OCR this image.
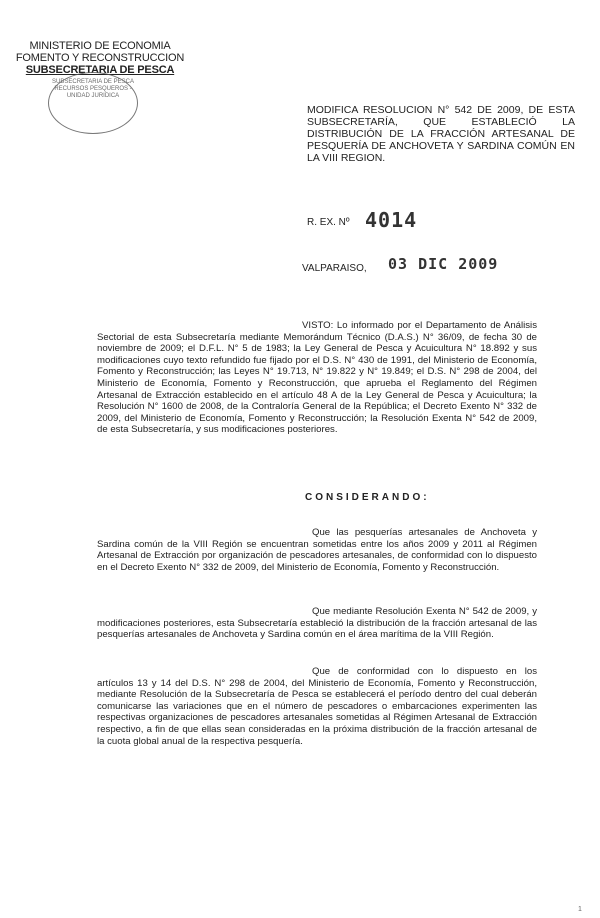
MINISTERIO DE ECONOMIA
FOMENTO Y RECONSTRUCCION
SUBSECRETARIA DE PESCA
SUBSECRETARIA DE PESCA RECURSOS PESQUEROS - UNIDAD JURIDICA
MODIFICA RESOLUCION N° 542 DE 2009, DE ESTA SUBSECRETARÍA, QUE ESTABLECIÓ LA DISTRIBUCIÓN DE LA FRACCIÓN ARTESANAL DE PESQUERÍA DE ANCHOVETA Y SARDINA COMÚN EN LA VIII REGION.
R. EX. Nº 4014
VALPARAISO, 03 DIC 2009
VISTO: Lo informado por el Departamento de Análisis Sectorial de esta Subsecretaría mediante Memorándum Técnico (D.A.S.) N° 36/09, de fecha 30 de noviembre de 2009; el D.F.L. N° 5 de 1983; la Ley General de Pesca y Acuicultura N° 18.892 y sus modificaciones cuyo texto refundido fue fijado por el D.S. N° 430 de 1991, del Ministerio de Economía, Fomento y Reconstrucción; las Leyes N° 19.713, N° 19.822 y N° 19.849; el D.S. N° 298 de 2004, del Ministerio de Economía, Fomento y Reconstrucción, que aprueba el Reglamento del Régimen Artesanal de Extracción establecido en el artículo 48 A de la Ley General de Pesca y Acuicultura; la Resolución N° 1600 de 2008, de la Contraloría General de la República; el Decreto Exento N° 332 de 2009, del Ministerio de Economía, Fomento y Reconstrucción; la Resolución Exenta N° 542 de 2009, de esta Subsecretaría, y sus modificaciones posteriores.
CONSIDERANDO:
Que las pesquerías artesanales de Anchoveta y Sardina común de la VIII Región se encuentran sometidas entre los años 2009 y 2011 al Régimen Artesanal de Extracción por organización de pescadores artesanales, de conformidad con lo dispuesto en el Decreto Exento N° 332 de 2009, del Ministerio de Economía, Fomento y Reconstrucción.
Que mediante Resolución Exenta N° 542 de 2009, y modificaciones posteriores, esta Subsecretaría estableció la distribución de la fracción artesanal de las pesquerías artesanales de Anchoveta y Sardina común en el área marítima de la VIII Región.
Que de conformidad con lo dispuesto en los artículos 13 y 14 del D.S. N° 298 de 2004, del Ministerio de Economía, Fomento y Reconstrucción, mediante Resolución de la Subsecretaría de Pesca se establecerá el período dentro del cual deberán comunicarse las variaciones que en el número de pescadores o embarcaciones experimenten las respectivas organizaciones de pescadores artesanales sometidas al Régimen Artesanal de Extracción respectivo, a fin de que ellas sean consideradas en la próxima distribución de la fracción artesanal de la cuota global anual de la respectiva pesquería.
1
